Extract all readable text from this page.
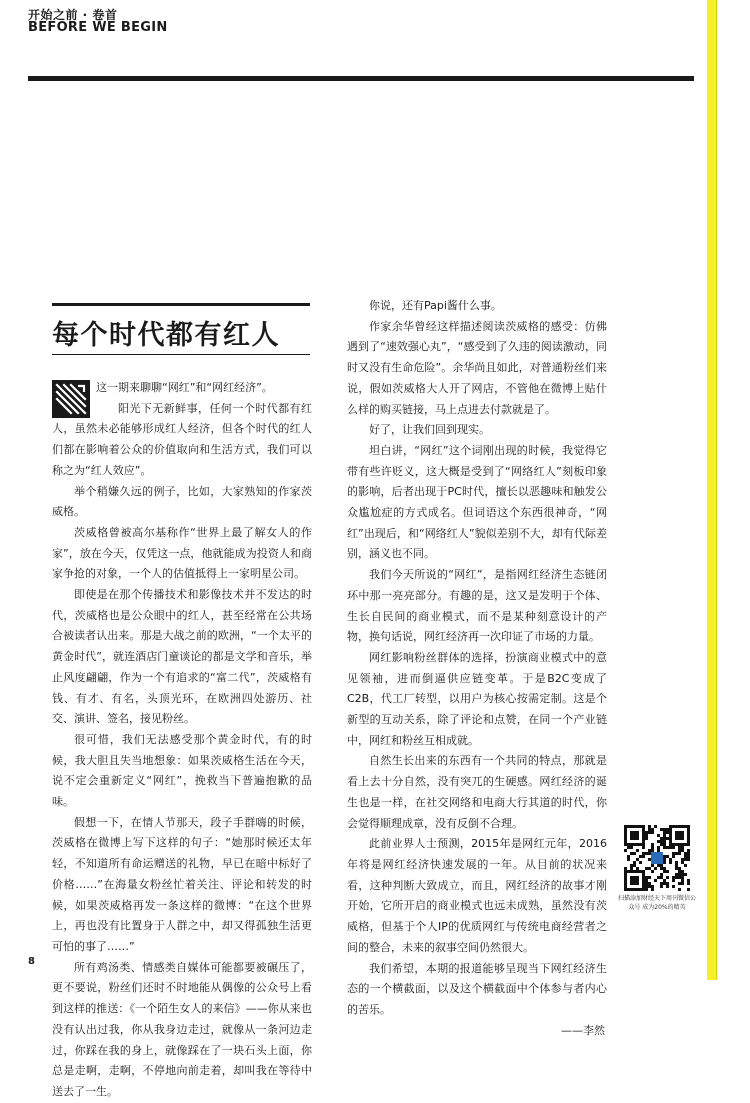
开始之前 · 卷首
BEFORE WE BEGIN
每个时代都有红人

这一期来聊聊“网红”和“网红经济”。

阳光下无新鲜事，任何一个时代都有红人，虽然未必能够形成红人经济，但各个时代的红人们都在影响着公众的价值取向和生活方式，我们可以称之为“红人效应”。

举个稍嫌久远的例子，比如，大家熟知的作家茨威格。

茨威格曾被高尔基称作“世界上最了解女人的作家”，放在今天，仅凭这一点，他就能成为投资人和商家争抢的对象，一个人的估值抵得上一家明星公司。

即使是在那个传播技术和影像技术并不发达的时代，茨威格也是公众眼中的红人，甚至经常在公共场合被读者认出来。那是大战之前的欧洲，“一个太平的黄金时代”，就连酒店门童谈论的都是文学和音乐，举止风度翩翩，作为一个有追求的“富二代”，茨威格有钱、有才、有名，头顶光环，在欧洲四处游历、社交、演讲、签名，接见粉丝。

很可惜，我们无法感受那个黄金时代，有的时候，我大胆且失当地想象：如果茨威格生活在今天，说不定会重新定义“网红”，挽救当下普遍抱歉的品味。

假想一下，在情人节那天，段子手群嗨的时候，茨威格在微博上写下这样的句子：“她那时候还太年轻，不知道所有命运赠送的礼物，早已在暗中标好了价格……”在海量女粉丝忙着关注、评论和转发的时候，如果茨威格再发一条这样的微博：“在这个世界上，再也没有比置身于人群之中，却又得孤独生活更可怕的事了……”

所有鸡汤类、情感类自媒体可能都要被碾压了，更不要说，粉丝们还时不时地能从偶像的公众号上看到这样的推送：《一个陌生女人的来信》——你从来也没有认出过我，你从我身边走过，就像从一条河边走过，你踩在我的身上，就像踩在了一块石头上面，你总是走啊，走啊，不停地向前走着，却叫我在等待中送去了一生。

你说，还有Papi酱什么事。

作家余华曾经这样描述阅读茨威格的感受：仿佛遇到了“速效强心丸”，“感受到了久违的阅读激动，同时又没有生命危险”。余华尚且如此，对普通粉丝们来说，假如茨威格大人开了网店，不管他在微博上贴什么样的购买链接，马上点进去付款就是了。

好了，让我们回到现实。

坦白讲，“网红”这个词刚出现的时候，我觉得它带有些许贬义，这大概是受到了“网络红人”刻板印象的影响，后者出现于PC时代，擅长以恶趣味和触发公众尴尬症的方式成名。但词语这个东西很神奇，“网红”出现后，和“网络红人”貌似差别不大，却有代际差别，涵义也不同。

我们今天所说的“网红”，是指网红经济生态链闭环中那一亮亮部分。有趣的是，这又是发明于个体、生长自民间的商业模式，而不是某种刻意设计的产物，换句话说，网红经济再一次印证了市场的力量。

网红影响粉丝群体的选择，扮演商业模式中的意见领袖，进而倒逼供应链变革。于是B2C变成了C2B，代工厂转型，以用户为核心按需定制。这是个新型的互动关系，除了评论和点赞，在同一个产业链中，网红和粉丝互相成就。

自然生长出来的东西有一个共同的特点，那就是看上去十分自然，没有突兀的生硬感。网红经济的诞生也是一样，在社交网络和电商大行其道的时代，你会觉得顺理成章，没有反倒不合理。

此前业界人士预测，2015年是网红元年，2016年将是网红经济快速发展的一年。从目前的状况来看，这种判断大致成立，而且，网红经济的故事才刚开始，它所开启的商业模式也远未成熟，虽然没有茨威格，但基于个人IP的优质网红与传统电商经营者之间的整合，未来的叙事空间仍然很大。

我们希望，本期的报道能够呈现当下网红经济生态的一个横截面，以及这个横截面中个体参与者内心的苦乐。

——李然

扫描添加财经天下周刊微信公众号 成为20%的精英
8
